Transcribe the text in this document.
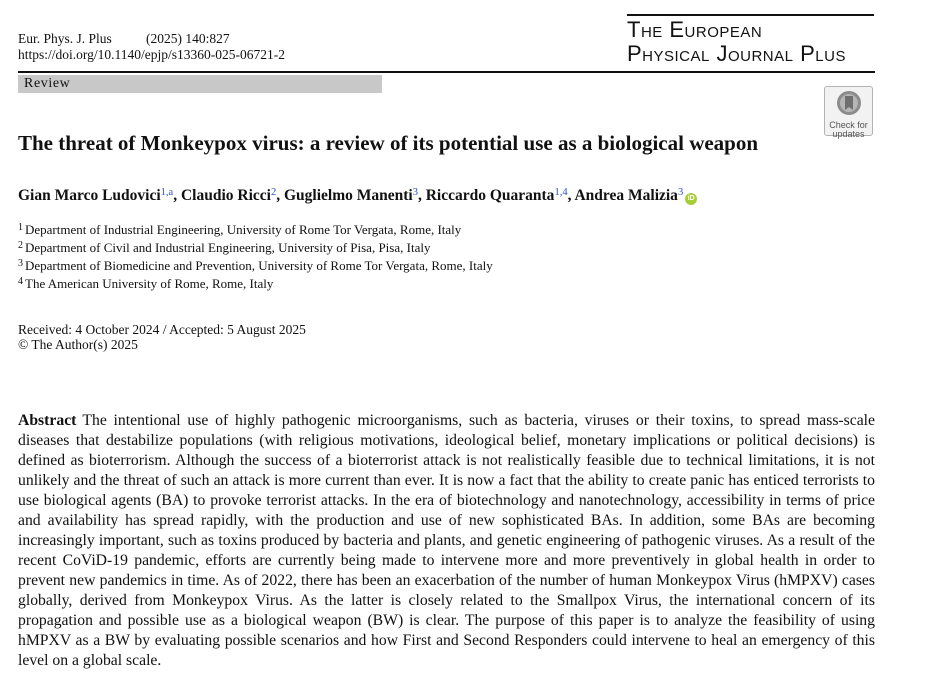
Eur. Phys. J. Plus	(2025) 140:827
https://doi.org/10.1140/epjp/s13360-025-06721-2
The European
Physical Journal Plus
Review
Check for
updates
The threat of Monkeypox virus: a review of its potential use as a biological weapon
Gian Marco Ludovici$^{1,a}$, Claudio Ricci$^2$, Guglielmo Manenti$^3$, Riccardo Quaranta$^{1,4}$, Andrea Malizia$^3$iD
$^1$ Department of Industrial Engineering, University of Rome Tor Vergata, Rome, Italy
$^2$ Department of Civil and Industrial Engineering, University of Pisa, Pisa, Italy
$^3$ Department of Biomedicine and Prevention, University of Rome Tor Vergata, Rome, Italy
$^4$ The American University of Rome, Rome, Italy
Received: 4 October 2024 / Accepted: 5 August 2025
© The Author(s) 2025
Abstract The intentional use of highly pathogenic microorganisms, such as bacteria, viruses or their toxins, to spread mass-scale diseases that destabilize populations (with religious motivations, ideological belief, monetary implications or political decisions) is defined as bioterrorism. Although the success of a bioterrorist attack is not realistically feasible due to technical limitations, it is not unlikely and the threat of such an attack is more current than ever. It is now a fact that the ability to create panic has enticed terrorists to use biological agents (BA) to provoke terrorist attacks. In the era of biotechnology and nanotechnology, accessibility in terms of price and availability has spread rapidly, with the production and use of new sophisticated BAs. In addition, some BAs are becoming increasingly important, such as toxins produced by bacteria and plants, and genetic engineering of pathogenic viruses. As a result of the recent CoViD-19 pandemic, efforts are currently being made to intervene more and more preventively in global health in order to prevent new pandemics in time. As of 2022, there has been an exacerbation of the number of human Monkeypox Virus (hMPXV) cases globally, derived from Monkeypox Virus. As the latter is closely related to the Smallpox Virus, the international concern of its propagation and possible use as a biological weapon (BW) is clear. The purpose of this paper is to analyze the feasibility of using hMPXV as a BW by evaluating possible scenarios and how First and Second Responders could intervene to heal an emergency of this level on a global scale.
